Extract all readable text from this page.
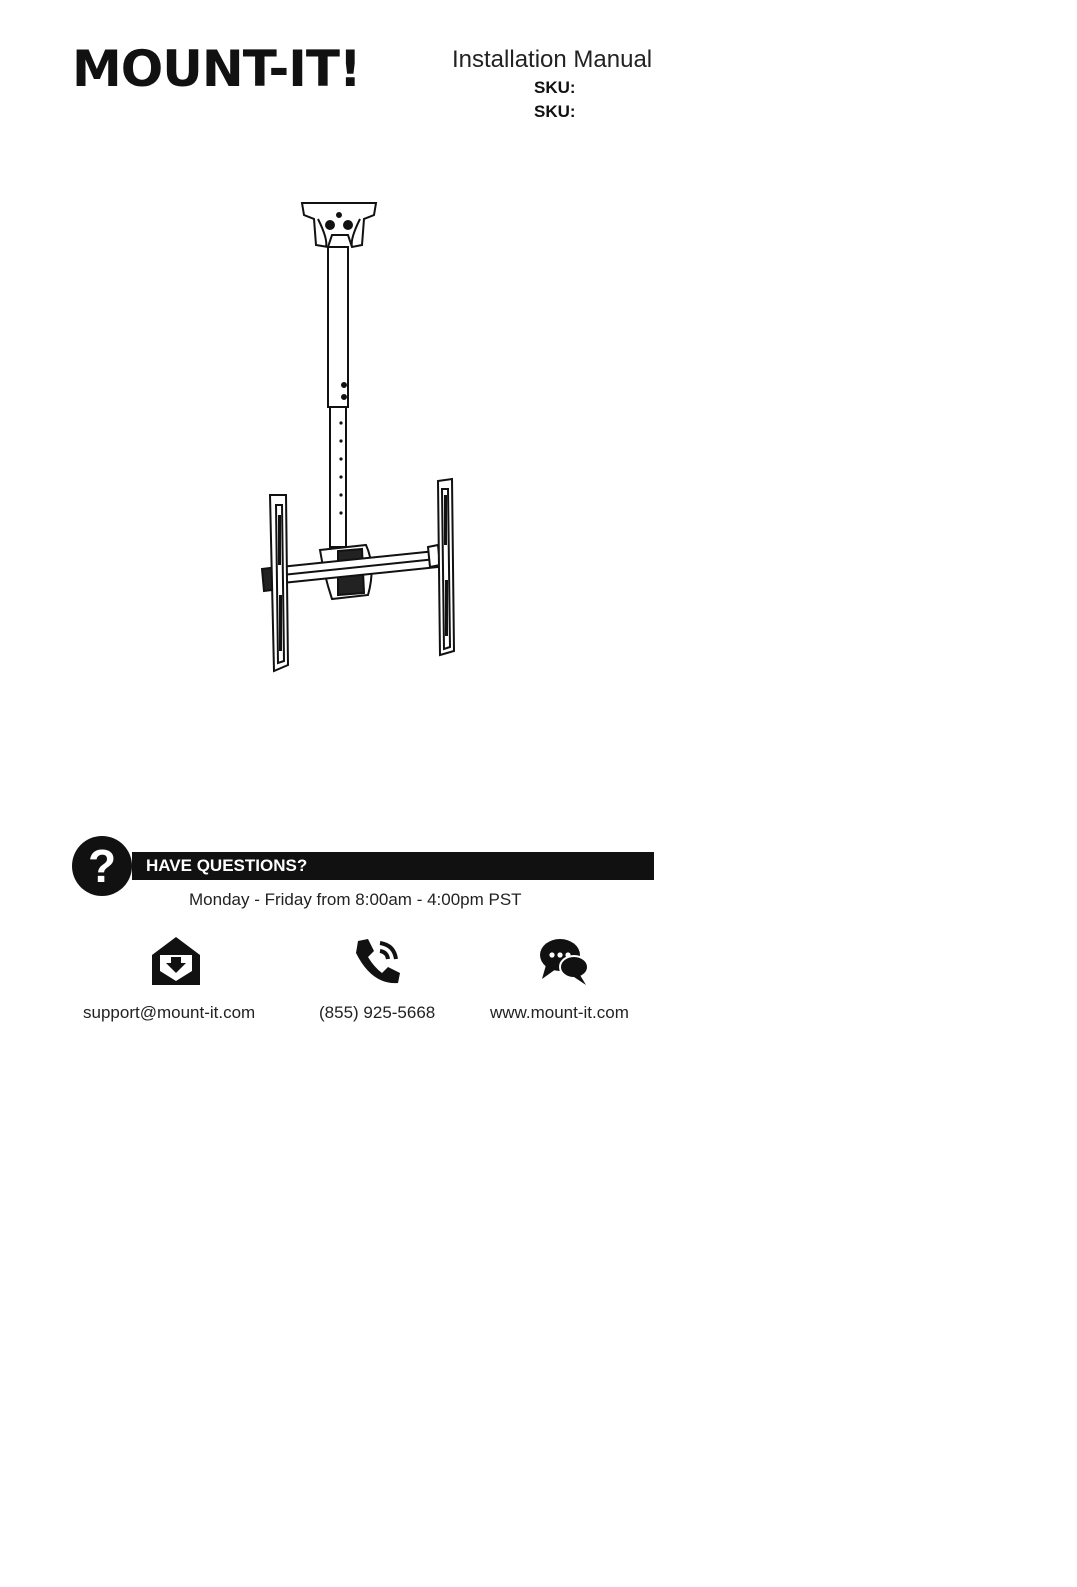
MOUNT-IT!	Installation Manual
SKU:
SKU:
?	HAVE QUESTIONS?
Monday - Friday from 8:00am - 4:00pm PST
support@mount-it.com	(855) 925-5668	www.mount-it.com
